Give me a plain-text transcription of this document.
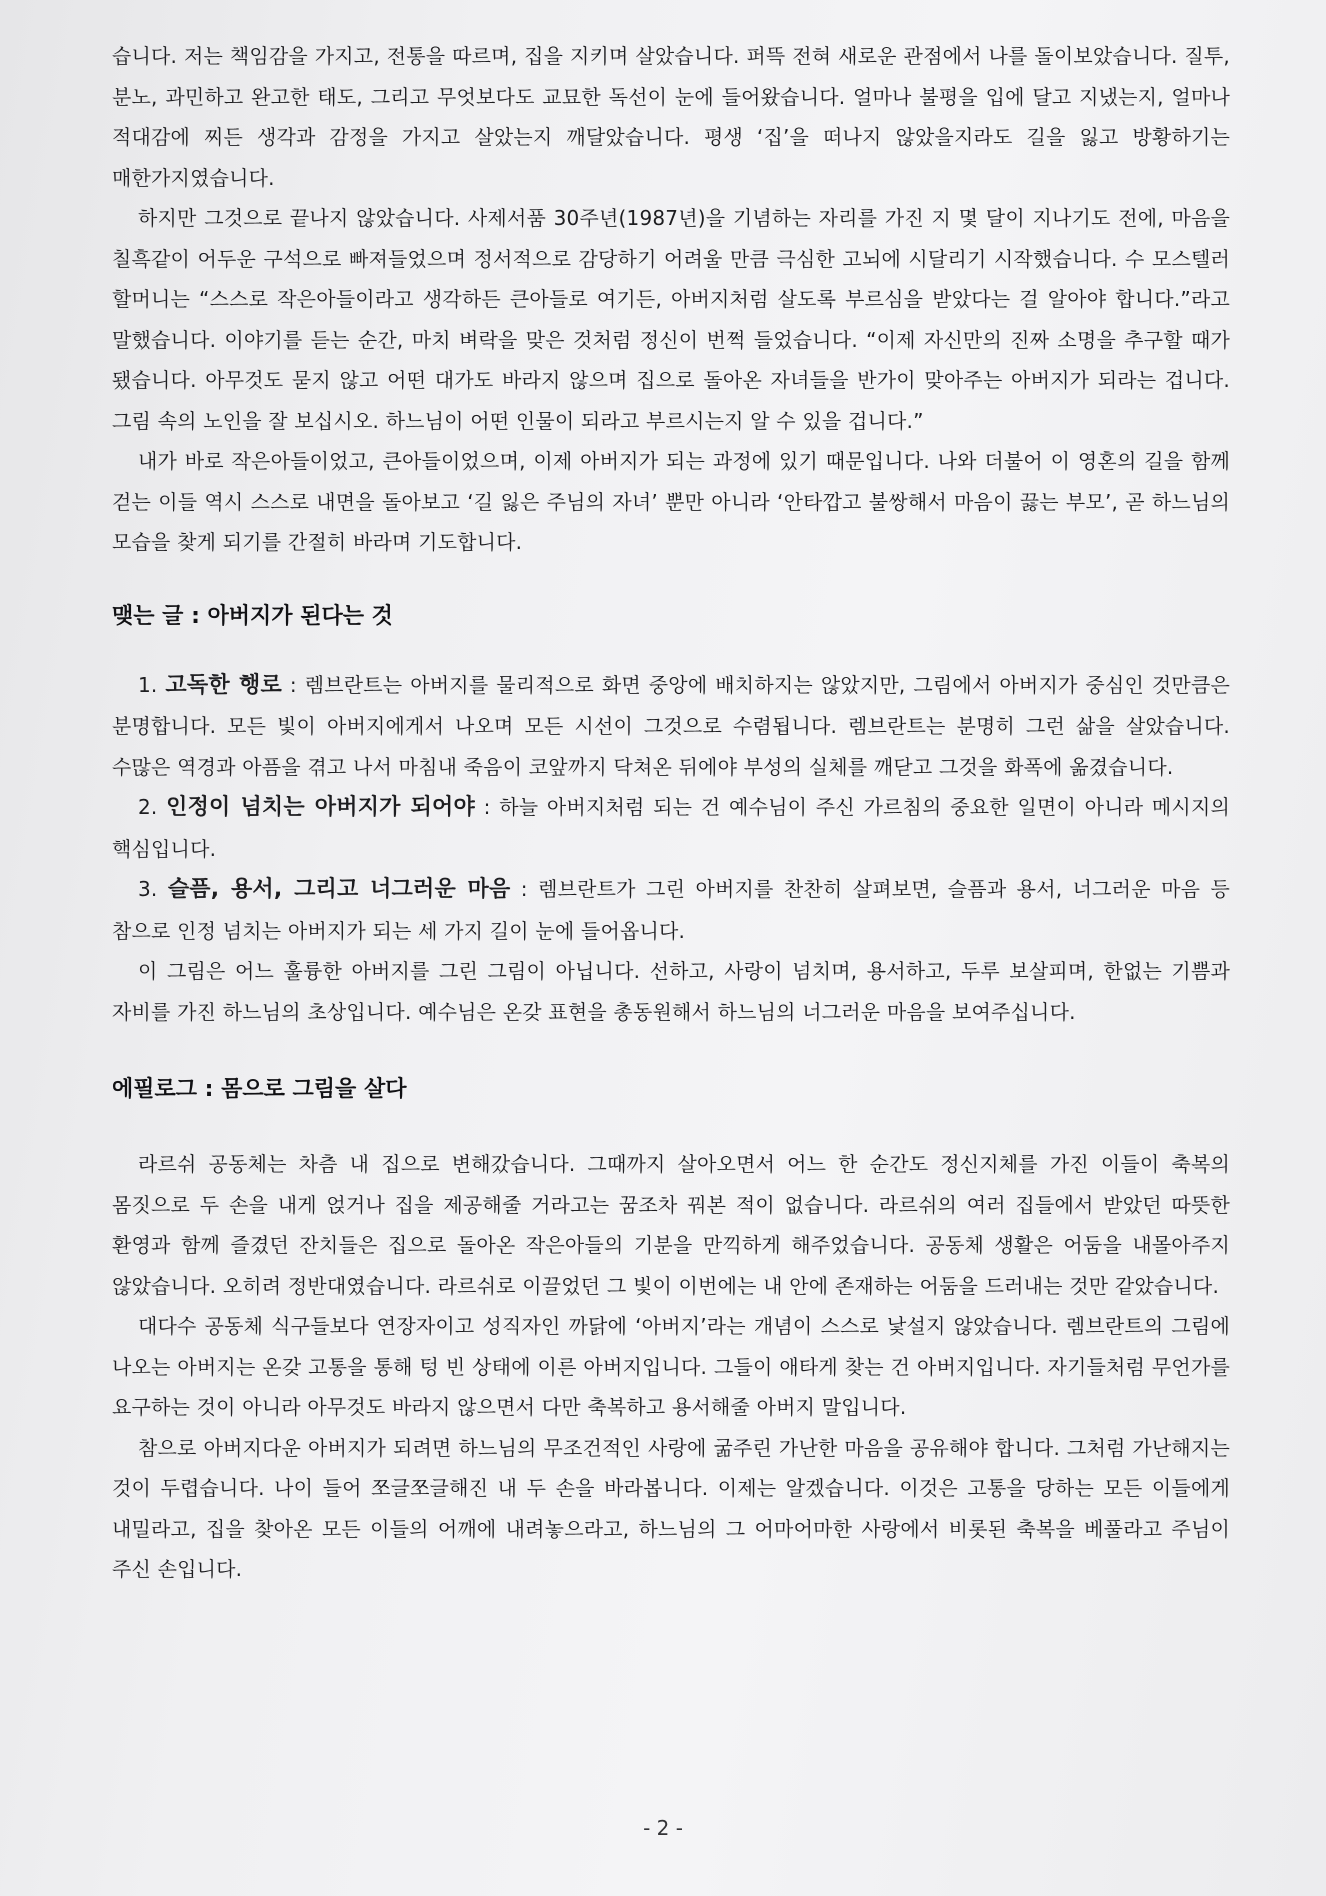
습니다. 저는 책임감을 가지고, 전통을 따르며, 집을 지키며 살았습니다. 퍼뜩 전혀 새로운 관점에서 나를 돌이보았습니다. 질투, 분노, 과민하고 완고한 태도, 그리고 무엇보다도 교묘한 독선이 눈에 들어왔습니다. 얼마나 불평을 입에 달고 지냈는지, 얼마나 적대감에 찌든 생각과 감정을 가지고 살았는지 깨달았습니다. 평생 ‘집’을 떠나지 않았을지라도 길을 잃고 방황하기는 매한가지였습니다.

하지만 그것으로 끝나지 않았습니다. 사제서품 30주년(1987년)을 기념하는 자리를 가진 지 몇 달이 지나기도 전에, 마음을 칠흑같이 어두운 구석으로 빠져들었으며 정서적으로 감당하기 어려울 만큼 극심한 고뇌에 시달리기 시작했습니다. 수 모스텔러 할머니는 “스스로 작은아들이라고 생각하든 큰아들로 여기든, 아버지처럼 살도록 부르심을 받았다는 걸 알아야 합니다.”라고 말했습니다. 이야기를 듣는 순간, 마치 벼락을 맞은 것처럼 정신이 번쩍 들었습니다. “이제 자신만의 진짜 소명을 추구할 때가 됐습니다. 아무것도 묻지 않고 어떤 대가도 바라지 않으며 집으로 돌아온 자녀들을 반가이 맞아주는 아버지가 되라는 겁니다. 그림 속의 노인을 잘 보십시오. 하느님이 어떤 인물이 되라고 부르시는지 알 수 있을 겁니다.”

내가 바로 작은아들이었고, 큰아들이었으며, 이제 아버지가 되는 과정에 있기 때문입니다. 나와 더불어 이 영혼의 길을 함께 걷는 이들 역시 스스로 내면을 돌아보고 ‘길 잃은 주님의 자녀’ 뿐만 아니라 ‘안타깝고 불쌍해서 마음이 끓는 부모’, 곧 하느님의 모습을 찾게 되기를 간절히 바라며 기도합니다.

맺는 글 : 아버지가 된다는 것

1. 고독한 행로 : 렘브란트는 아버지를 물리적으로 화면 중앙에 배치하지는 않았지만, 그림에서 아버지가 중심인 것만큼은 분명합니다. 모든 빛이 아버지에게서 나오며 모든 시선이 그것으로 수렴됩니다. 렘브란트는 분명히 그런 삶을 살았습니다. 수많은 역경과 아픔을 겪고 나서 마침내 죽음이 코앞까지 닥쳐온 뒤에야 부성의 실체를 깨닫고 그것을 화폭에 옮겼습니다.

2. 인정이 넘치는 아버지가 되어야 : 하늘 아버지처럼 되는 건 예수님이 주신 가르침의 중요한 일면이 아니라 메시지의 핵심입니다.

3. 슬픔, 용서, 그리고 너그러운 마음 : 렘브란트가 그린 아버지를 찬찬히 살펴보면, 슬픔과 용서, 너그러운 마음 등 참으로 인정 넘치는 아버지가 되는 세 가지 길이 눈에 들어옵니다.

이 그림은 어느 훌륭한 아버지를 그린 그림이 아닙니다. 선하고, 사랑이 넘치며, 용서하고, 두루 보살피며, 한없는 기쁨과 자비를 가진 하느님의 초상입니다. 예수님은 온갖 표현을 총동원해서 하느님의 너그러운 마음을 보여주십니다.

에필로그 : 몸으로 그림을 살다

라르쉬 공동체는 차츰 내 집으로 변해갔습니다. 그때까지 살아오면서 어느 한 순간도 정신지체를 가진 이들이 축복의 몸짓으로 두 손을 내게 얹거나 집을 제공해줄 거라고는 꿈조차 꿔본 적이 없습니다. 라르쉬의 여러 집들에서 받았던 따뜻한 환영과 함께 즐겼던 잔치들은 집으로 돌아온 작은아들의 기분을 만끽하게 해주었습니다. 공동체 생활은 어둠을 내몰아주지 않았습니다. 오히려 정반대였습니다. 라르쉬로 이끌었던 그 빛이 이번에는 내 안에 존재하는 어둠을 드러내는 것만 같았습니다.

대다수 공동체 식구들보다 연장자이고 성직자인 까닭에 ‘아버지’라는 개념이 스스로 낯설지 않았습니다. 렘브란트의 그림에 나오는 아버지는 온갖 고통을 통해 텅 빈 상태에 이른 아버지입니다. 그들이 애타게 찾는 건 아버지입니다. 자기들처럼 무언가를 요구하는 것이 아니라 아무것도 바라지 않으면서 다만 축복하고 용서해줄 아버지 말입니다.

참으로 아버지다운 아버지가 되려면 하느님의 무조건적인 사랑에 굶주린 가난한 마음을 공유해야 합니다. 그처럼 가난해지는 것이 두렵습니다. 나이 들어 쪼글쪼글해진 내 두 손을 바라봅니다. 이제는 알겠습니다. 이것은 고통을 당하는 모든 이들에게 내밀라고, 집을 찾아온 모든 이들의 어깨에 내려놓으라고, 하느님의 그 어마어마한 사랑에서 비롯된 축복을 베풀라고 주님이 주신 손입니다.

- 2 -
